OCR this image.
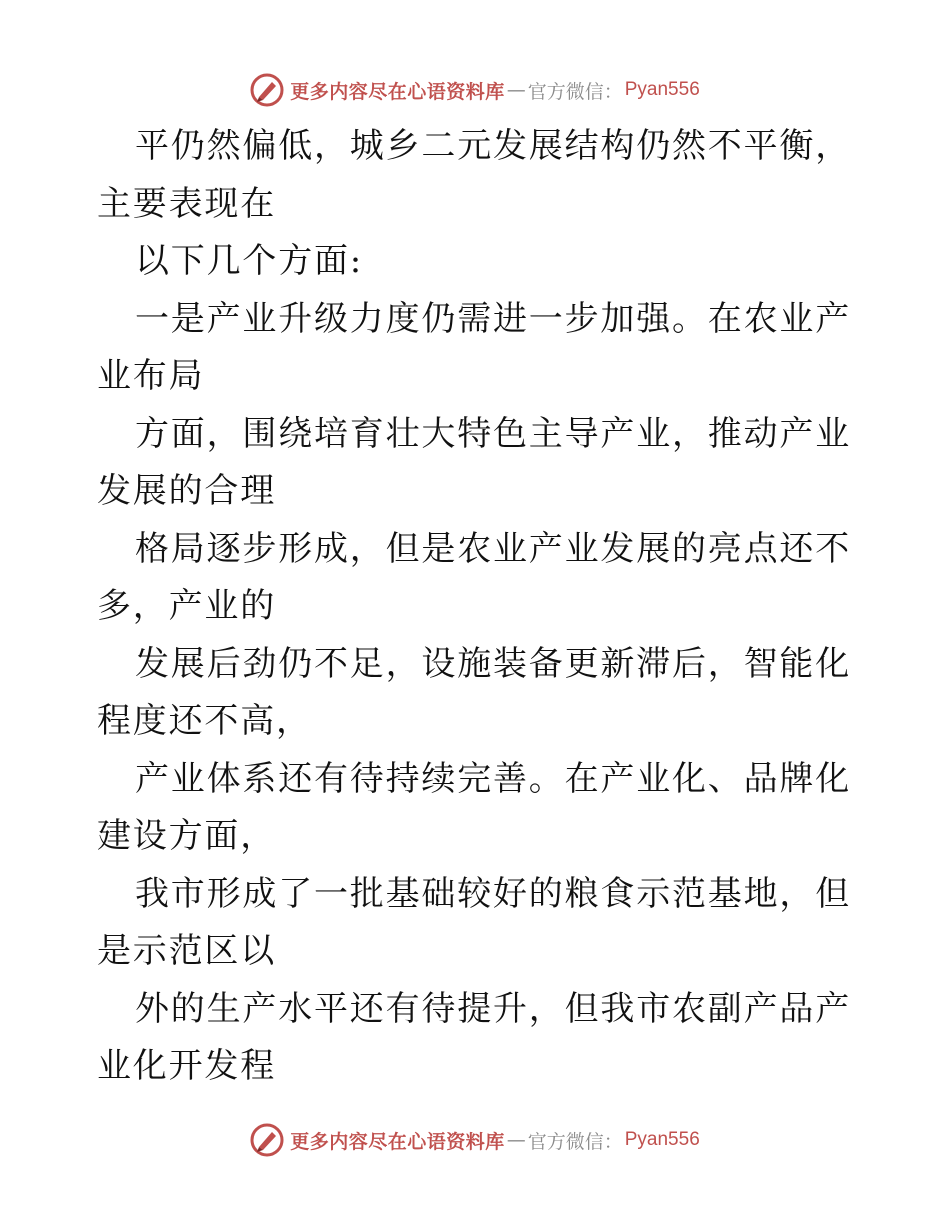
更多内容尽在心语资料库 — 官方微信： Pyan556

平仍然偏低，城乡二元发展结构仍然不平衡，主要表现在

以下几个方面:

一是产业升级力度仍需进一步加强。在农业产业布局

方面，围绕培育壮大特色主导产业，推动产业发展的合理

格局逐步形成，但是农业产业发展的亮点还不多，产业的

发展后劲仍不足，设施装备更新滞后，智能化程度还不高，

产业体系还有待持续完善。在产业化、品牌化建设方面，

我市形成了一批基础较好的粮食示范基地，但是示范区以

外的生产水平还有待提升，但我市农副产品产业化开发程

更多内容尽在心语资料库 — 官方微信： Pyan556
